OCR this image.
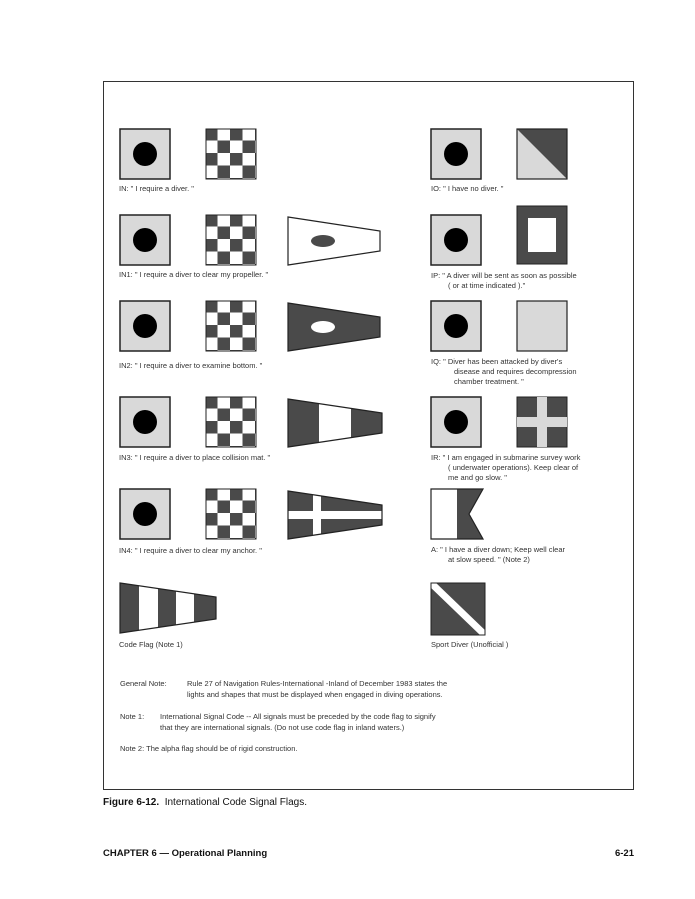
IN: " I require a diver. "
IN1: " I require a diver to clear my propeller. "
IN2: " I require a diver to examine bottom. "
IN3: " I require a diver to place collision mat. "
IN4: " I require a diver to clear my anchor. "
Code Flag (Note 1)
IO: " I have no diver. "
IP: " A diver will be sent as soon as possible
( or at time indicated )."
IQ: " Diver has been attacked by diver's
disease and requires decompression
chamber treatment. "
IR: " I am engaged in submarine survey work
( underwater operations). Keep clear of
me and go slow. "
A: " I have a diver down; Keep well clear
at slow speed. " (Note 2)
Sport Diver (Unofficial )
General Note:	Rule 27 of Navigation Rules-International -Inland of December 1983 states the
lights and shapes that must be displayed when engaged in diving operations.
Note 1: International Signal Code -- All signals must be preceded by the code flag to signify
that they are international signals. (Do not use code flag in inland waters.)
Note 2: The alpha flag should be of rigid construction.
Figure 6-12. International Code Signal Flags.
CHAPTER 6 — Operational Planning	6-21
